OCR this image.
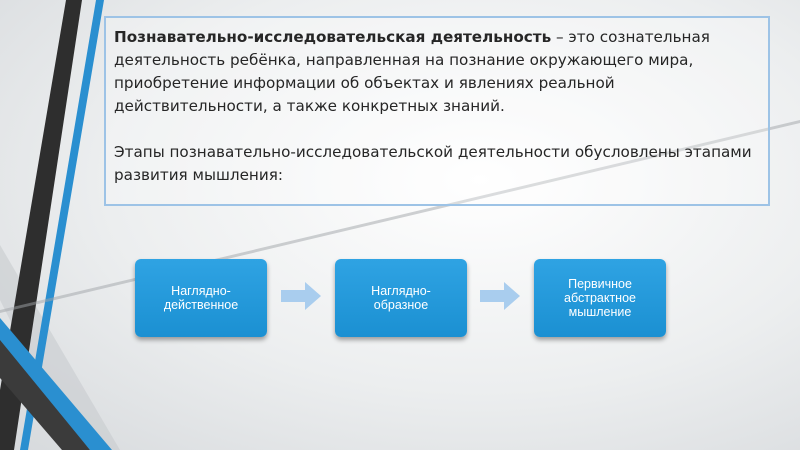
Познавательно-исследовательская деятельность – это сознательная деятельность ребёнка, направленная на познание окружающего мира, приобретение информации об объектах и явлениях реальной действительности, а также конкретных знаний.

Этапы познавательно-исследовательской деятельности обусловлены этапами развития мышления:

Наглядно-
действенное
Наглядно-
образное
Первичное
абстрактное
мышление
